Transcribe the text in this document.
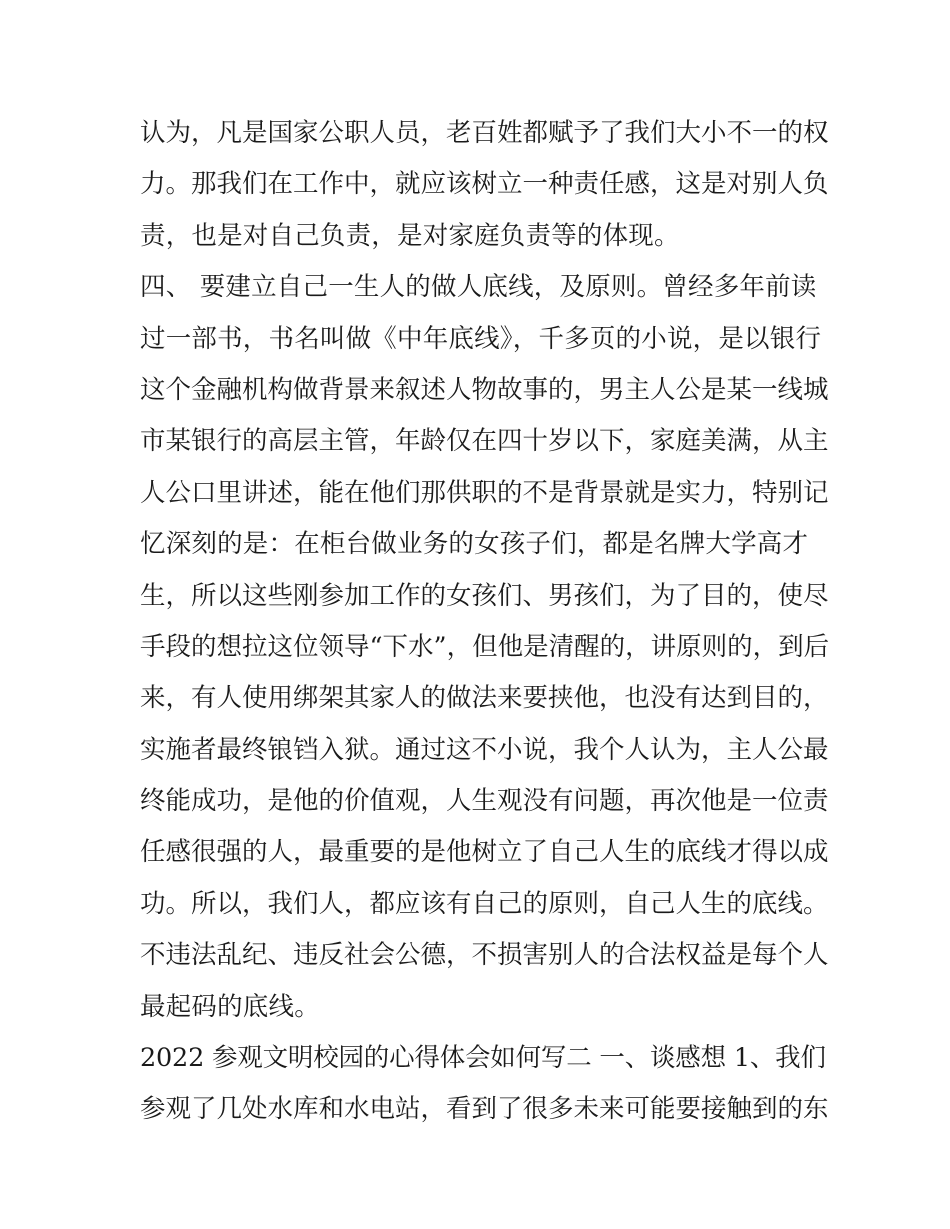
认为，凡是国家公职人员，老百姓都赋予了我们大小不一的权
力。那我们在工作中，就应该树立一种责任感，这是对别人负
责，也是对自己负责，是对家庭负责等的体现。
四、 要建立自己一生人的做人底线，及原则。曾经多年前读
过一部书，书名叫做《中年底线》，千多页的小说，是以银行
这个金融机构做背景来叙述人物故事的，男主人公是某一线城
市某银行的高层主管，年龄仅在四十岁以下，家庭美满，从主
人公口里讲述，能在他们那供职的不是背景就是实力，特别记
忆深刻的是：在柜台做业务的女孩子们，都是名牌大学高才
生，所以这些刚参加工作的女孩们、男孩们，为了目的，使尽
手段的想拉这位领导“下水”，但他是清醒的，讲原则的，到后
来，有人使用绑架其家人的做法来要挟他，也没有达到目的，
实施者最终锒铛入狱。通过这不小说，我个人认为，主人公最
终能成功，是他的价值观，人生观没有问题，再次他是一位责
任感很强的人，最重要的是他树立了自己人生的底线才得以成
功。所以，我们人，都应该有自己的原则，自己人生的底线。
不违法乱纪、违反社会公德，不损害别人的合法权益是每个人
最起码的底线。
2022 参观文明校园的心得体会如何写二 一、谈感想 1、我们
参观了几处水库和水电站，看到了很多未来可能要接触到的东
